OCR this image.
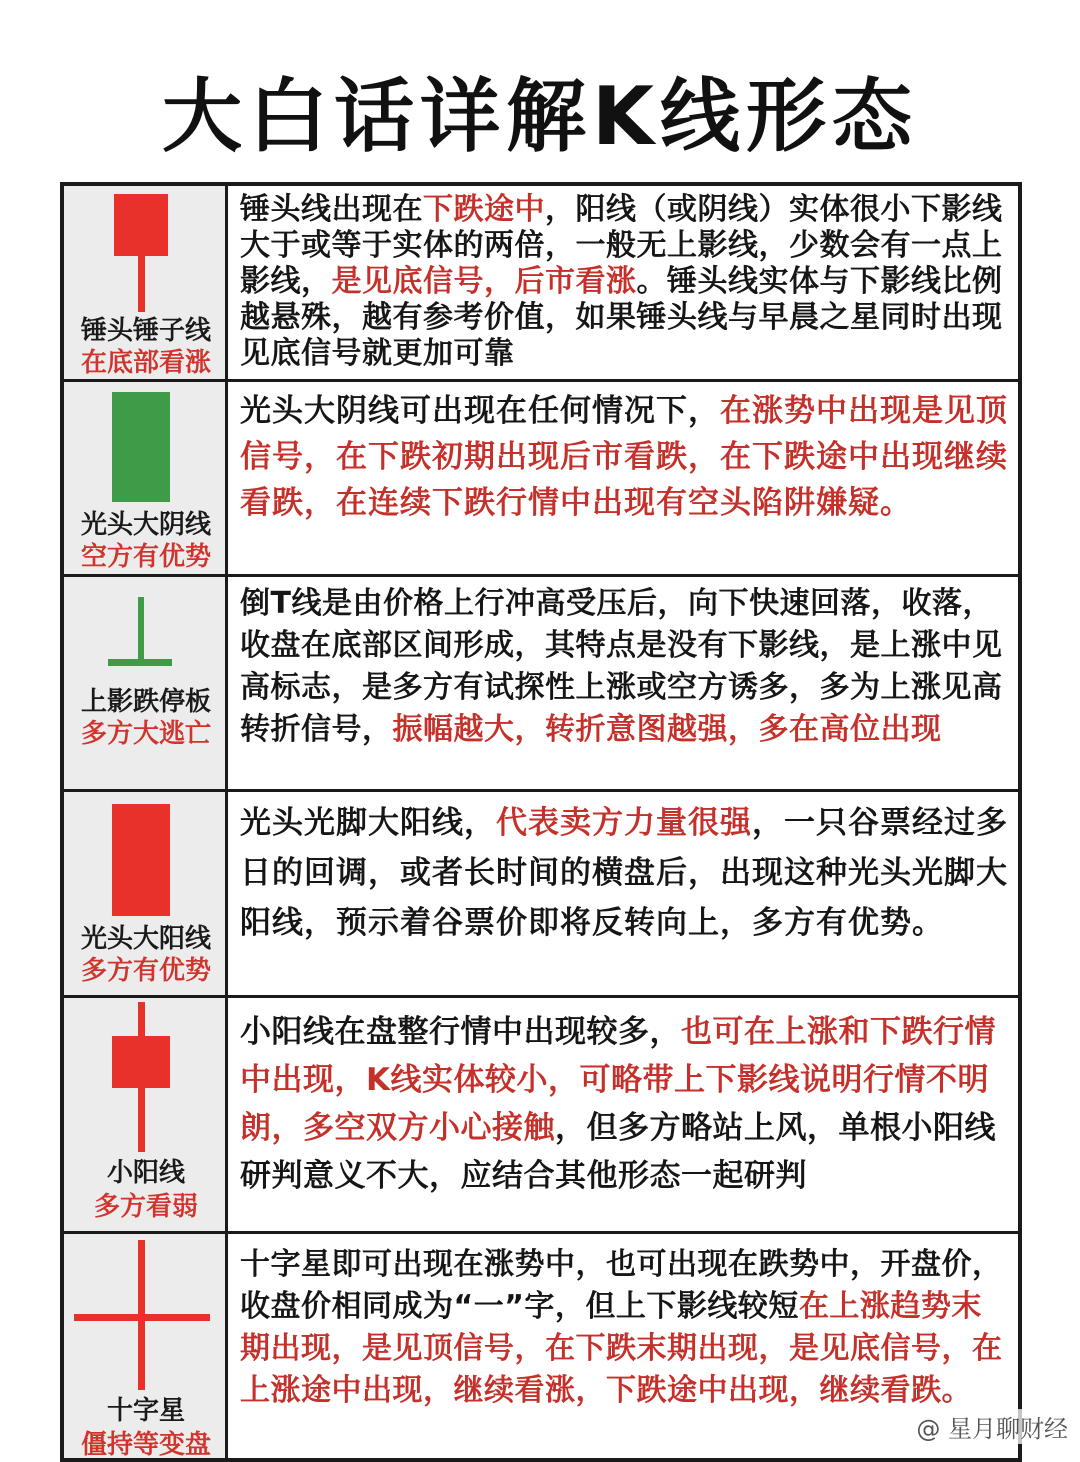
大白话详解K线形态
锤头锤子线
在底部看涨
锤头线出现在下跌途中，阳线（或阴线）实体很小下影线大于或等于实体的两倍，一般无上影线，少数会有一点上影线，是见底信号，后市看涨。锤头线实体与下影线比例越悬殊，越有参考价值，如果锤头线与早晨之星同时出现见底信号就更加可靠
光头大阴线
空方有优势
光头大阴线可出现在任何情况下，在涨势中出现是见顶信号，在下跌初期出现后市看跌，在下跌途中出现继续看跌，在连续下跌行情中出现有空头陷阱嫌疑。
上影跌停板
多方大逃亡
倒T线是由价格上行冲高受压后，向下快速回落，收落，收盘在底部区间形成，其特点是没有下影线，是上涨中见高标志，是多方有试探性上涨或空方诱多，多为上涨见高转折信号，振幅越大，转折意图越强，多在高位出现
光头大阳线
多方有优势
光头光脚大阳线，代表卖方力量很强，一只谷票经过多日的回调，或者长时间的横盘后，出现这种光头光脚大阳线，预示着谷票价即将反转向上，多方有优势。
小阳线
多方看弱
小阳线在盘整行情中出现较多，也可在上涨和下跌行情中出现，K线实体较小，可略带上下影线说明行情不明朗，多空双方小心接触，但多方略站上风，单根小阳线研判意义不大，应结合其他形态一起研判
十字星
僵持等变盘
十字星即可出现在涨势中，也可出现在跌势中，开盘价，收盘价相同成为“一”字，但上下影线较短在上涨趋势末期出现，是见顶信号，在下跌末期出现，是见底信号，在上涨途中出现，继续看涨，下跌途中出现，继续看跌。
@ 星月聊财经
